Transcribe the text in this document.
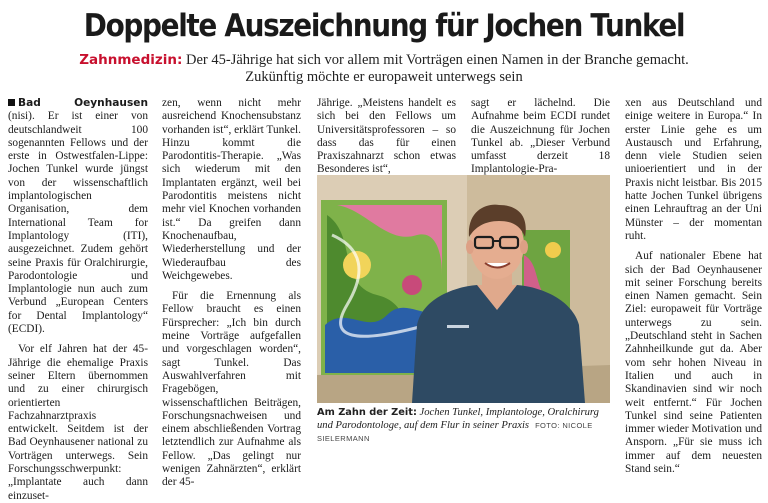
Doppelte Auszeichnung für Jochen Tunkel
Zahnmedizin: Der 45-Jährige hat sich vor allem mit Vorträgen einen Namen in der Branche gemacht.
Zukünftig möchte er europaweit unterwegs sein

Bad Oeynhausen (nisi). Er ist einer von deutschlandweit 100 sogenannten Fellows und der erste in Ostwestfalen-Lippe: Jochen Tunkel wurde jüngst von der wissenschaftlich implantologischen Organisation, dem International Team for Implantology (ITI), ausgezeichnet. Zudem gehört seine Praxis für Oralchirurgie, Parodontologie und Implantologie nun auch zum Verbund „European Centers for Dental Implantology“ (ECDI).

Vor elf Jahren hat der 45-Jährige die ehemalige Praxis seiner Eltern übernommen und zu einer chirurgisch orientierten Fachzahnarztpraxis entwickelt. Seitdem ist der Bad Oeynhausener national zu Vorträgen unterwegs. Sein Forschungsschwerpunkt: „Implantate auch dann einzuset-

zen, wenn nicht mehr ausreichend Knochensubstanz vorhanden ist“, erklärt Tunkel. Hinzu kommt die Parodontitis-Therapie. „Was sich wiederum mit den Implantaten ergänzt, weil bei Parodontitis meistens nicht mehr viel Knochen vorhanden ist.“ Da greifen dann Knochenaufbau, Wiederherstellung und der Wiederaufbau des Weichgewebes.

Für die Ernennung als Fellow braucht es einen Fürsprecher: „Ich bin durch meine Vorträge aufgefallen und vorgeschlagen worden“, sagt Tunkel. Das Auswahlverfahren mit Fragebögen, wissenschaftlichen Beiträgen, Forschungsnachweisen und einem abschließenden Vortrag letztendlich zur Aufnahme als Fellow. „Das gelingt nur wenigen Zahnärzten“, erklärt der 45-

Jährige. „Meistens handelt es sich bei den Fellows um Universitätsprofessoren – so dass das für einen Praxiszahnarzt schon etwas Besonderes ist“,

sagt er lächelnd. Die Aufnahme beim ECDI rundet die Auszeichnung für Jochen Tunkel ab. „Dieser Verbund umfasst derzeit 18 Implantologie-Pra-

xen aus Deutschland und einige weitere in Europa.“ In erster Linie gehe es um Austausch und Erfahrung, denn viele Studien seien unioerientiert und in der Praxis nicht leistbar. Bis 2015 hatte Jochen Tunkel übrigens einen Lehrauftrag an der Uni Münster – der momentan ruht.

Auf nationaler Ebene hat sich der Bad Oeynhausener mit seiner Forschung bereits einen Namen gemacht. Sein Ziel: europaweit für Vorträge unterwegs zu sein. „Deutschland steht in Sachen Zahnheilkunde gut da. Aber vom sehr hohen Niveau in Italien und auch in Skandinavien sind wir noch weit entfernt.“ Für Jochen Tunkel sind seine Patienten immer wieder Motivation und Ansporn. „Für sie muss ich immer auf dem neuesten Stand sein.“

Am Zahn der Zeit: Jochen Tunkel, Implantologe, Oralchirurg und Parodontologe, auf dem Flur in seiner Praxis FOTO: NICOLE SIELERMANN
